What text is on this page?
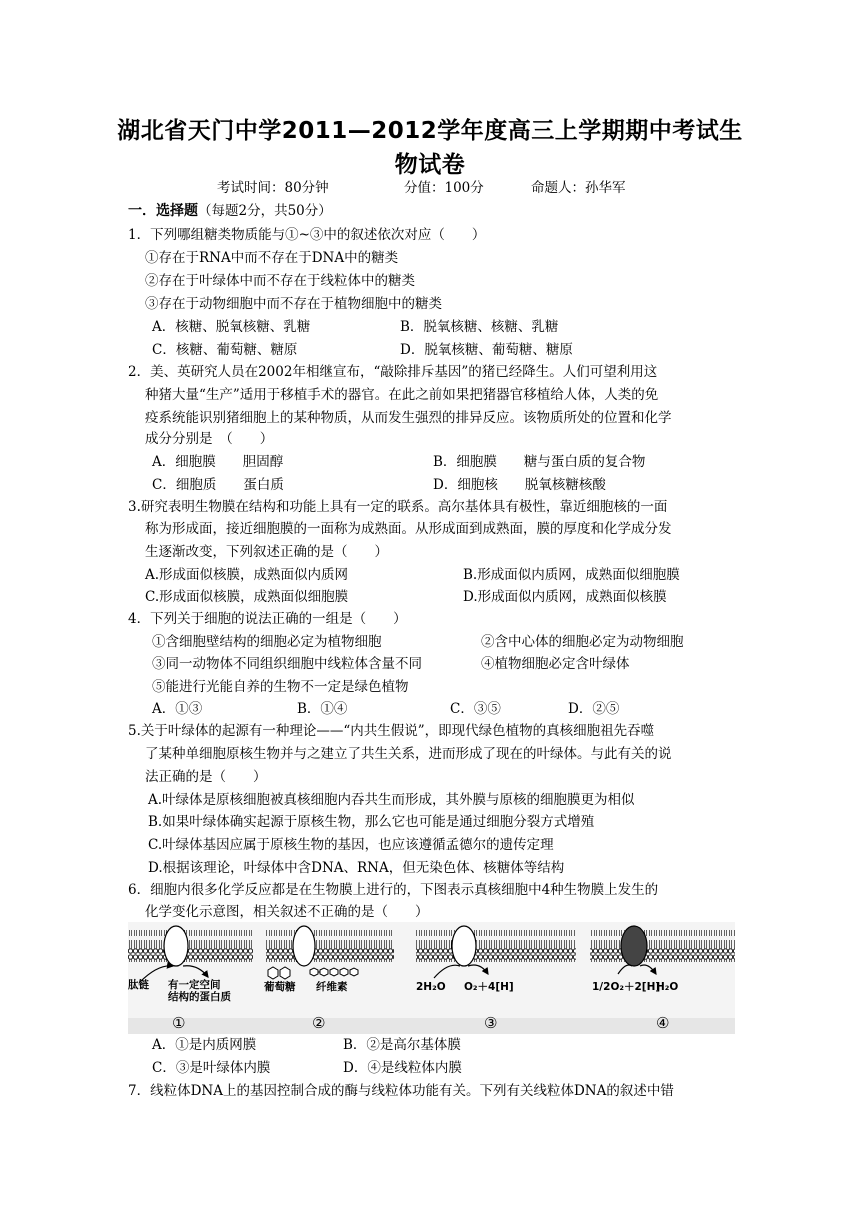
湖北省天门中学2011—2012学年度高三上学期期中考试生
物试卷
考试时间：80分钟	分值：100分	命题人：孙华军
一．选择题（每题2分，共50分）
1．下列哪组糖类物质能与①~③中的叙述依次对应（　　）
①存在于RNA中而不存在于DNA中的糖类
②存在于叶绿体中而不存在于线粒体中的糖类
③存在于动物细胞中而不存在于植物细胞中的糖类
A．核糖、脱氧核糖、乳糖	B．脱氧核糖、核糖、乳糖
C．核糖、葡萄糖、糖原	D．脱氧核糖、葡萄糖、糖原
2．美、英研究人员在2002年相继宣布，“敲除排斥基因”的猪已经降生。人们可望利用这
种猪大量“生产”适用于移植手术的器官。在此之前如果把猪器官移植给人体，人类的免
疫系统能识别猪细胞上的某种物质，从而发生强烈的排异反应。该物质所处的位置和化学
成分分别是　（　　）
A．细胞膜　　胆固醇	B．细胞膜　　糖与蛋白质的复合物
C．细胞质　　蛋白质	D．细胞核　　脱氧核糖核酸
3.研究表明生物膜在结构和功能上具有一定的联系。高尔基体具有极性，靠近细胞核的一面
称为形成面，接近细胞膜的一面称为成熟面。从形成面到成熟面，膜的厚度和化学成分发
生逐渐改变，下列叙述正确的是（　　）
A.形成面似核膜，成熟面似内质网	B.形成面似内质网，成熟面似细胞膜
C.形成面似核膜，成熟面似细胞膜	D.形成面似内质网，成熟面似核膜
4．下列关于细胞的说法正确的一组是（　　）
①含细胞壁结构的细胞必定为植物细胞	②含中心体的细胞必定为动物细胞
③同一动物体不同组织细胞中线粒体含量不同	④植物细胞必定含叶绿体
⑤能进行光能自养的生物不一定是绿色植物
A．①③	B．①④	C．③⑤	D．②⑤
5.关于叶绿体的起源有一种理论——“内共生假说”，即现代绿色植物的真核细胞祖先吞噬
了某种单细胞原核生物并与之建立了共生关系，进而形成了现在的叶绿体。与此有关的说
法正确的是（　　）
A.叶绿体是原核细胞被真核细胞内吞共生而形成，其外膜与原核的细胞膜更为相似
B.如果叶绿体确实起源于原核生物，那么它也可能是通过细胞分裂方式增殖
C.叶绿体基因应属于原核生物的基因，也应该遵循孟德尔的遗传定理
D.根据该理论，叶绿体中含DNA、RNA，但无染色体、核糖体等结构
6．细胞内很多化学反应都是在生物膜上进行的，下图表示真核细胞中4种生物膜上发生的
化学变化示意图，相关叙述不正确的是（　　）
肽链 有一定空间
结构的蛋白质
①
葡萄糖 纤维素
②
2H₂O O₂＋4[H]
③
1/2O₂＋2[H]
H₂O
④
A．①是内质网膜	B．②是高尔基体膜
C．③是叶绿体内膜	D．④是线粒体内膜
7．线粒体DNA上的基因控制合成的酶与线粒体功能有关。下列有关线粒体DNA的叙述中错
